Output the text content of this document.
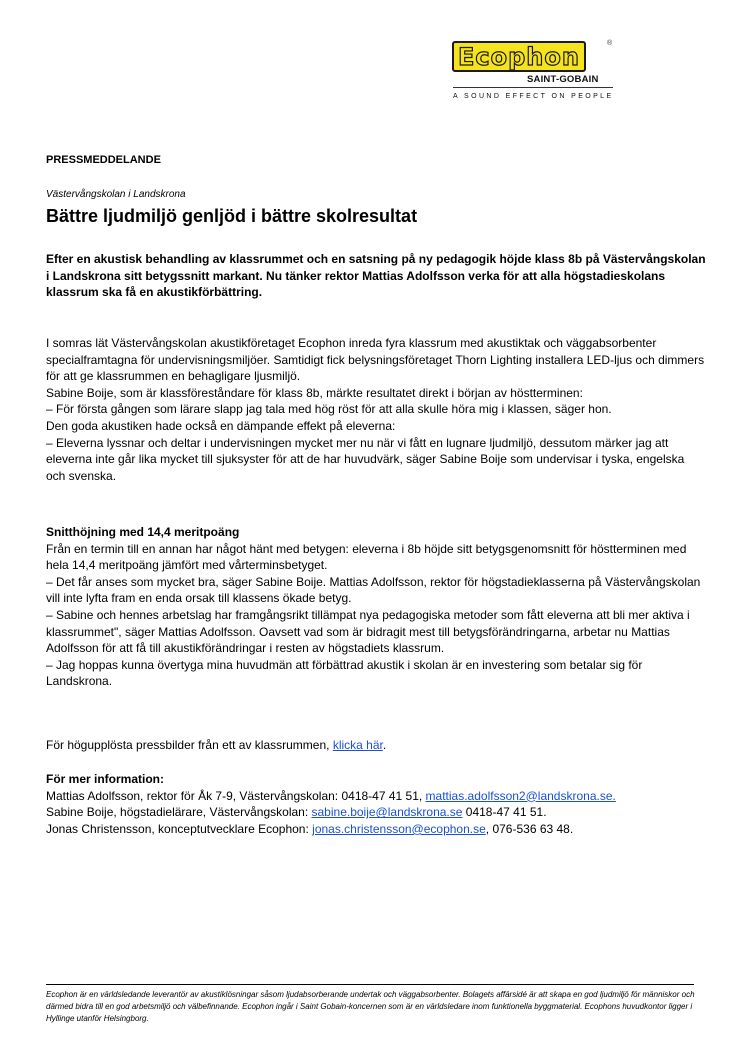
Ecophon	®
SAINT-GOBAIN
A SOUND EFFECT ON PEOPLE

PRESSMEDDELANDE

Västervångskolan i Landskrona

Bättre ljudmiljö genljöd i bättre skolresultat

Efter en akustisk behandling av klassrummet och en satsning på ny pedagogik höjde klass 8b på Västervångskolan i Landskrona sitt betygssnitt markant. Nu tänker rektor Mattias Adolfsson verka för att alla högstadieskolans klassrum ska få en akustikförbättring.

I somras lät Västervångskolan akustikföretaget Ecophon inreda fyra klassrum med akustiktak och väggabsorbenter specialframtagna för undervisningsmiljöer. Samtidigt fick belysningsföretaget Thorn Lighting installera LED-ljus och dimmers för att ge klassrummen en behagligare ljusmiljö.

Sabine Boije, som är klassföreståndare för klass 8b, märkte resultatet direkt i början av höstterminen:

– För första gången som lärare slapp jag tala med hög röst för att alla skulle höra mig i klassen, säger hon.

Den goda akustiken hade också en dämpande effekt på eleverna:

– Eleverna lyssnar och deltar i undervisningen mycket mer nu när vi fått en lugnare ljudmiljö, dessutom märker jag att eleverna inte går lika mycket till sjuksyster för att de har huvudvärk, säger Sabine Boije som undervisar i tyska, engelska och svenska.

Snitthöjning med 14,4 meritpoäng

Från en termin till en annan har något hänt med betygen: eleverna i 8b höjde sitt betygsgenomsnitt för höstterminen med hela 14,4 meritpoäng jämfört med vårterminsbetyget.

– Det får anses som mycket bra, säger Sabine Boije. Mattias Adolfsson, rektor för högstadieklasserna på Västervångskolan vill inte lyfta fram en enda orsak till klassens ökade betyg.

– Sabine och hennes arbetslag har framgångsrikt tillämpat nya pedagogiska metoder som fått eleverna att bli mer aktiva i klassrummet", säger Mattias Adolfsson. Oavsett vad som är bidragit mest till betygsförändringarna, arbetar nu Mattias Adolfsson för att få till akustikförändringar i resten av högstadiets klassrum.

– Jag hoppas kunna övertyga mina huvudmän att förbättrad akustik i skolan är en investering som betalar sig för Landskrona.

För högupplösta pressbilder från ett av klassrummen, klicka här.

För mer information:

Mattias Adolfsson, rektor för Åk 7-9, Västervångskolan: 0418-47 41 51, mattias.adolfsson2@landskrona.se.

Sabine Boije, högstadielärare, Västervångskolan: sabine.boije@landskrona.se 0418-47 41 51.

Jonas Christensson, konceptutvecklare Ecophon: jonas.christensson@ecophon.se, 076-536 63 48.

Ecophon är en världsledande leverantör av akustiklösningar såsom ljudabsorberande undertak och väggabsorbenter. Bolagets affärsidé är att skapa en god ljudmiljö för människor och därmed bidra till en god arbetsmiljö och välbefinnande. Ecophon ingår i Saint Gobain-koncernen som är en världsledare inom funktionella byggmaterial. Ecophons huvudkontor ligger i Hyllinge utanför Helsingborg.
